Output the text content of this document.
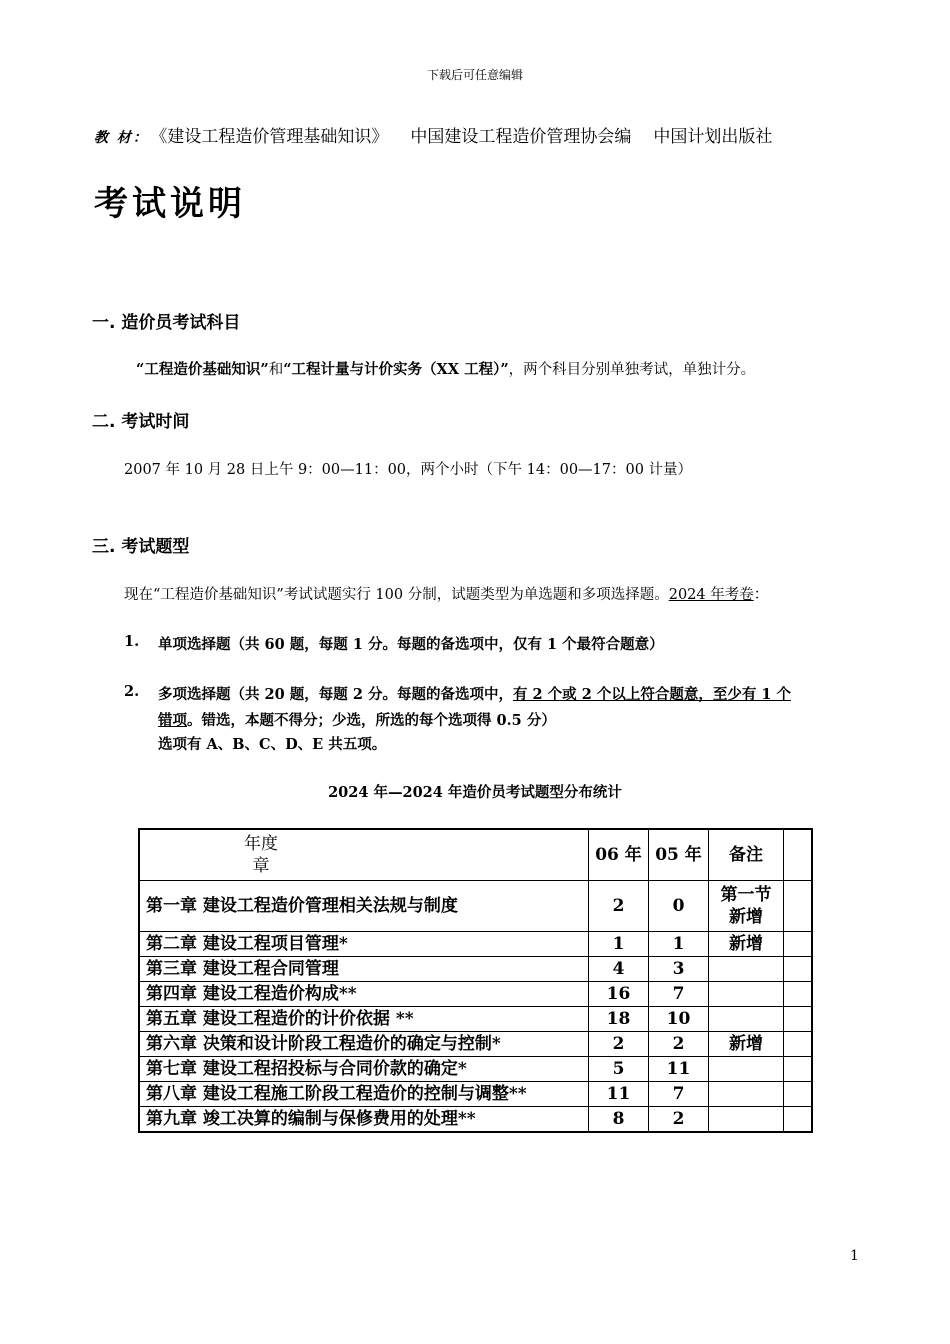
下载后可任意编辑
教 材： 《建设工程造价管理基础知识》 中国建设工程造价管理协会编 中国计划出版社
考试说明
一. 造价员考试科目
“工程造价基础知识”和“工程计量与计价实务（XX 工程）”，两个科目分别单独考试，单独计分。
二. 考试时间
2007 年 10 月 28 日上午 9：00—11：00，两个小时（下午 14：00—17：00 计量）
三. 考试题型
现在“工程造价基础知识”考试试题实行 100 分制，试题类型为单选题和多项选择题。2024 年考卷：
1. 单项选择题（共 60 题，每题 1 分。每题的备选项中，仅有 1 个最符合题意）
2. 多项选择题（共 20 题，每题 2 分。每题的备选项中，有 2 个或 2 个以上符合题意，至少有 1 个
错项。错选，本题不得分；少选，所选的每个选项得 0.5 分）
选项有 A、B、C、D、E 共五项。
2024 年—2024 年造价员考试题型分布统计
年度
章	06 年	05 年	备注	
第一章 建设工程造价管理相关法规与制度	2	0	第一节
新增	

第二章 建设工程项目管理*	1	1	新增	
第三章 建设工程合同管理	4	3		
第四章 建设工程造价构成**	16	7		
第五章 建设工程造价的计价依据 **	18	10		
第六章 决策和设计阶段工程造价的确定与控制*	2	2	新增	
第七章 建设工程招投标与合同价款的确定*	5	11		
第八章 建设工程施工阶段工程造价的控制与调整**	11	7		
第九章 竣工决算的编制与保修费用的处理**	8	2		
1
